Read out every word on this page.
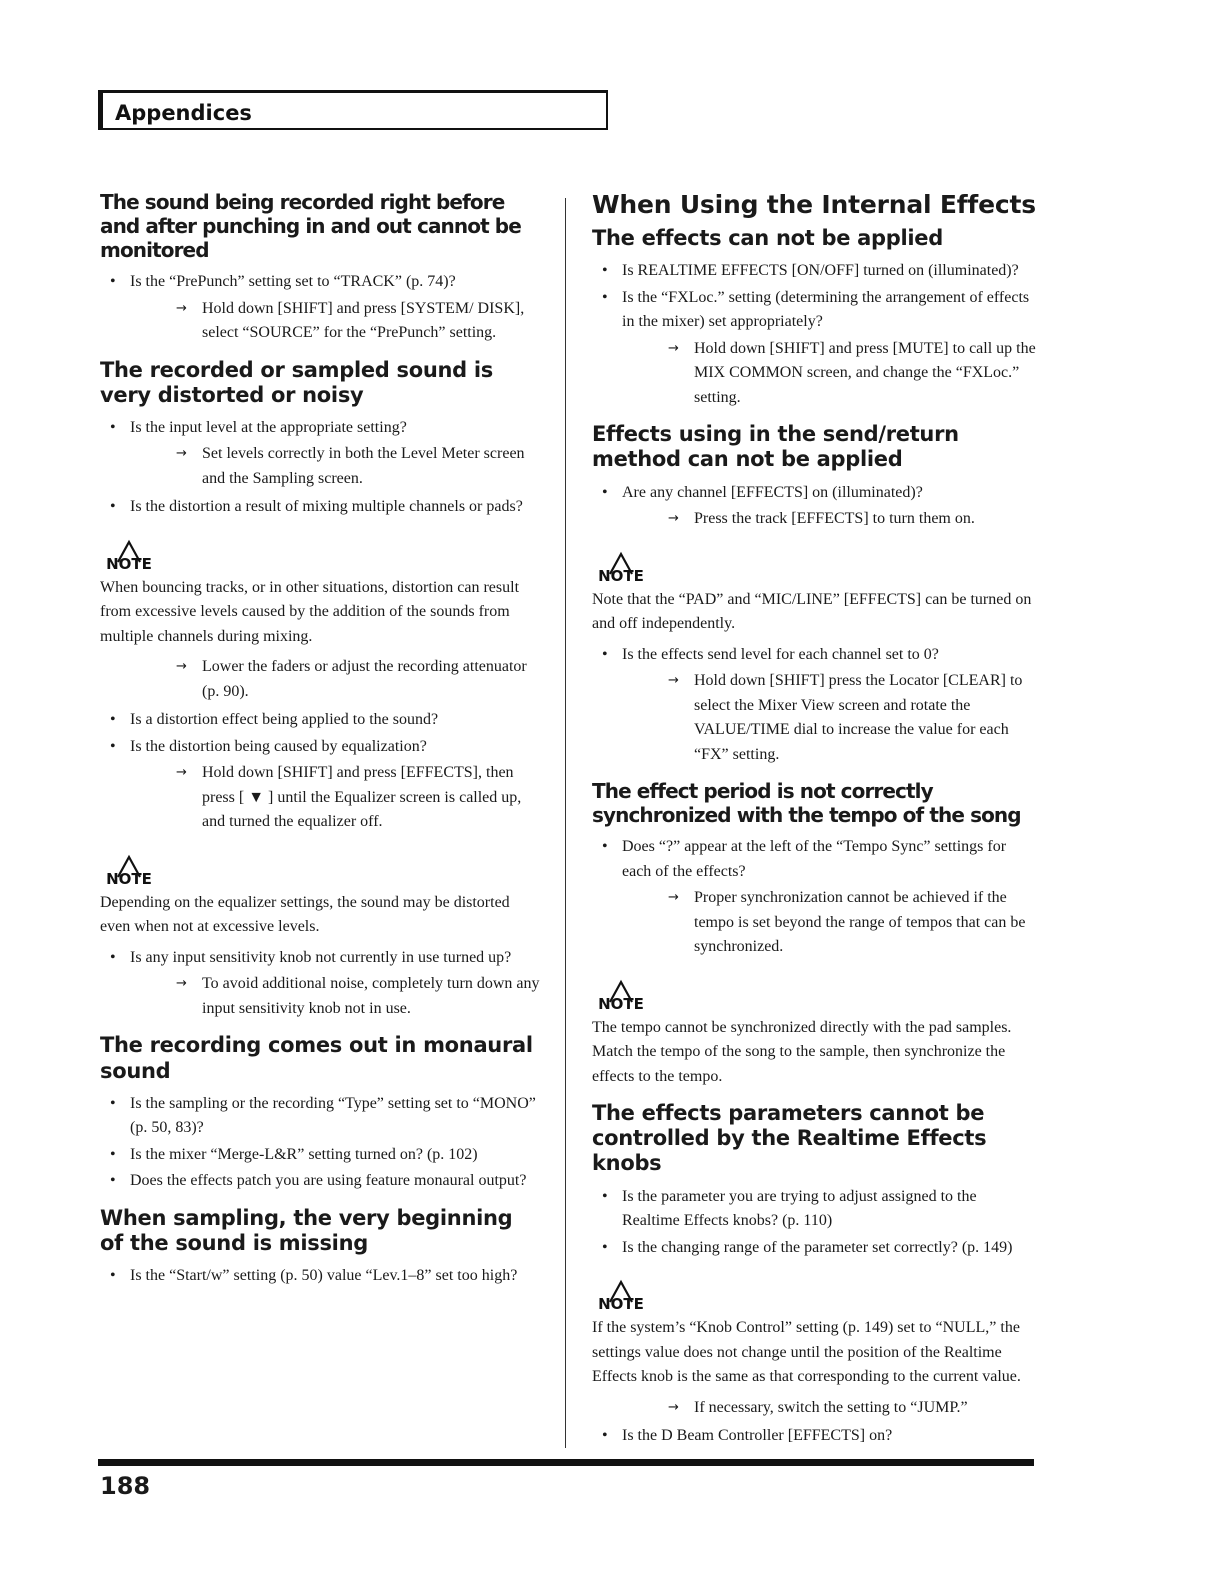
Appendices
The sound being recorded right before and after punching in and out cannot be monitored
• Is the “PrePunch” setting set to “TRACK” (p. 74)?
→ Hold down [SHIFT] and press [SYSTEM/ DISK], select “SOURCE” for the “PrePunch” setting.
The recorded or sampled sound is very distorted or noisy
• Is the input level at the appropriate setting?
→ Set levels correctly in both the Level Meter screen and the Sampling screen.
• Is the distortion a result of mixing multiple channels or pads?
NOTE
When bouncing tracks, or in other situations, distortion can result from excessive levels caused by the addition of the sounds from multiple channels during mixing.
→ Lower the faders or adjust the recording attenuator (p. 90).
• Is a distortion effect being applied to the sound?
• Is the distortion being caused by equalization?
→ Hold down [SHIFT] and press [EFFECTS], then press [ ▼ ] until the Equalizer screen is called up, and turned the equalizer off.
NOTE
Depending on the equalizer settings, the sound may be distorted even when not at excessive levels.
• Is any input sensitivity knob not currently in use turned up?
→ To avoid additional noise, completely turn down any input sensitivity knob not in use.
The recording comes out in monaural sound
• Is the sampling or the recording “Type” setting set to “MONO” (p. 50, 83)?
• Is the mixer “Merge-L&R” setting turned on? (p. 102)
• Does the effects patch you are using feature monaural output?
When sampling, the very beginning of the sound is missing
• Is the “Start/w” setting (p. 50) value “Lev.1–8” set too high?
When Using the Internal Effects
The effects can not be applied
• Is REALTIME EFFECTS [ON/OFF] turned on (illuminated)?
• Is the “FXLoc.” setting (determining the arrangement of effects in the mixer) set appropriately?
→ Hold down [SHIFT] and press [MUTE] to call up the MIX COMMON screen, and change the “FXLoc.” setting.
Effects using in the send/return method can not be applied
• Are any channel [EFFECTS] on (illuminated)?
→ Press the track [EFFECTS] to turn them on.
NOTE
Note that the “PAD” and “MIC/LINE” [EFFECTS] can be turned on and off independently.
• Is the effects send level for each channel set to 0?
→ Hold down [SHIFT] press the Locator [CLEAR] to select the Mixer View screen and rotate the VALUE/TIME dial to increase the value for each “FX” setting.
The effect period is not correctly synchronized with the tempo of the song
• Does “?” appear at the left of the “Tempo Sync” settings for each of the effects?
→ Proper synchronization cannot be achieved if the tempo is set beyond the range of tempos that can be synchronized.
NOTE
The tempo cannot be synchronized directly with the pad samples. Match the tempo of the song to the sample, then synchronize the effects to the tempo.
The effects parameters cannot be controlled by the Realtime Effects knobs
• Is the parameter you are trying to adjust assigned to the Realtime Effects knobs? (p. 110)
• Is the changing range of the parameter set correctly? (p. 149)
NOTE
If the system’s “Knob Control” setting (p. 149) set to “NULL,” the settings value does not change until the position of the Realtime Effects knob is the same as that corresponding to the current value.
→ If necessary, switch the setting to “JUMP.”
• Is the D Beam Controller [EFFECTS] on?
188
